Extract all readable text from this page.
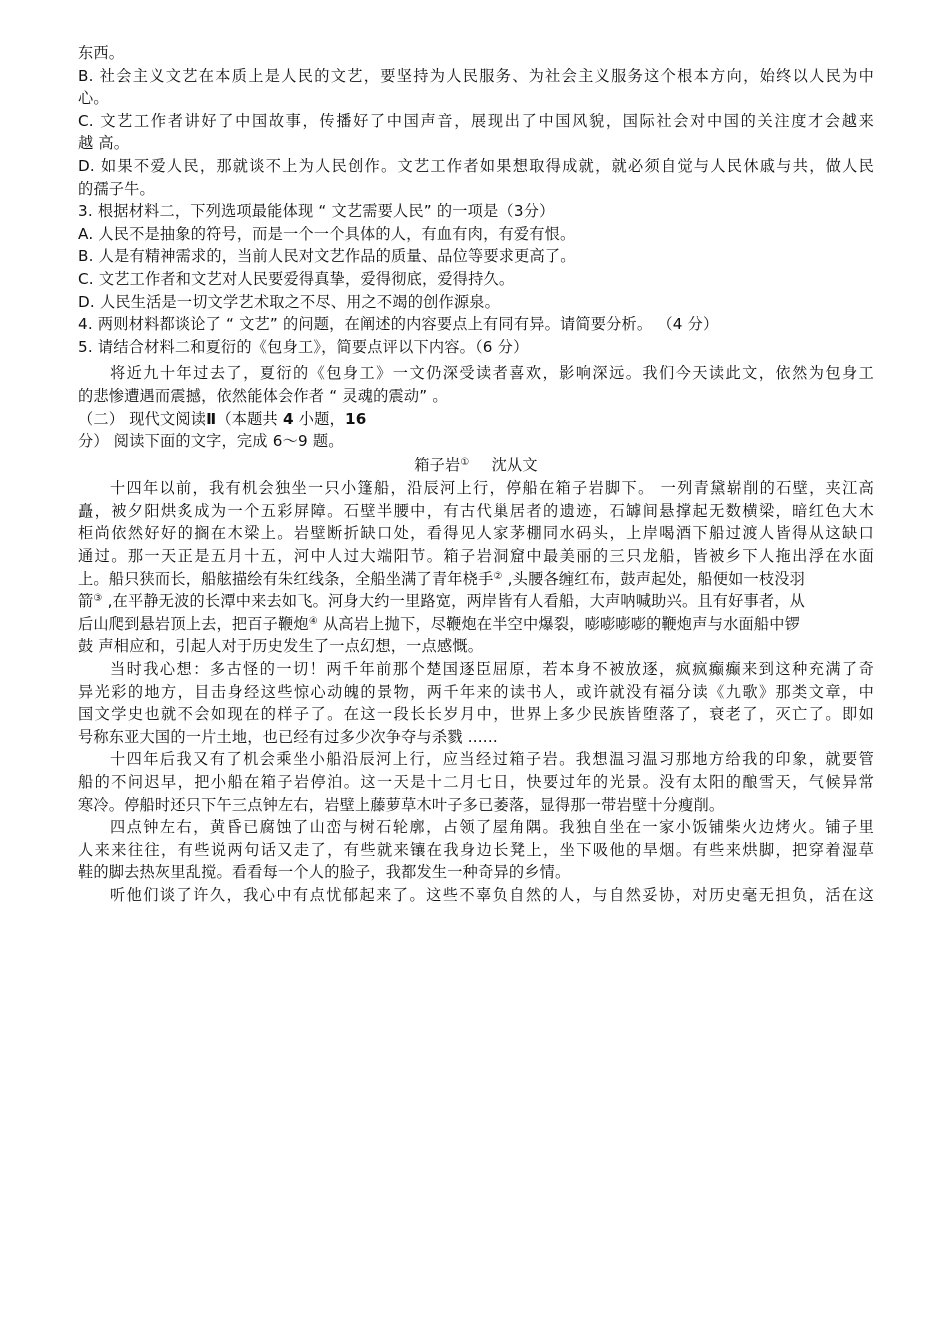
东西。
B. 社会主义文艺在本质上是人民的文艺，要坚持为人民服务、为社会主义服务这个根本方向，始终以人民为中
心。
C. 文艺工作者讲好了中国故事，传播好了中国声音，展现出了中国风貌，国际社会对中国的关注度才会越来
越 高。
D. 如果不爱人民，那就谈不上为人民创作。文艺工作者如果想取得成就，就必须自觉与人民休戚与共，做人民
的孺子牛。
3. 根据材料二，下列选项最能体现 “ 文艺需要人民” 的一项是（3分）
A. 人民不是抽象的符号，而是一个一个具体的人，有血有肉，有爱有恨。
B. 人是有精神需求的，当前人民对文艺作品的质量、品位等要求更高了。
C. 文艺工作者和文艺对人民要爱得真挚，爱得彻底，爱得持久。
D. 人民生活是一切文学艺术取之不尽、用之不竭的创作源泉。
4. 两则材料都谈论了 “ 文艺” 的问题，在阐述的内容要点上有同有异。请简要分析。 （4 分）
5. 请结合材料二和夏衍的《包身工》，简要点评以下内容。（6 分）
将近九十年过去了，夏衍的《包身工》一文仍深受读者喜欢，影响深远。我们今天读此文，依然为包身工
的悲惨遭遇而震撼，依然能体会作者 “ 灵魂的震动” 。
（二） 现代文阅读Ⅱ（本题共 4 小题，16
分） 阅读下面的文字，完成 6～9 题。
箱子岩① 沈从文
十四年以前，我有机会独坐一只小篷船，沿辰河上行，停船在箱子岩脚下。 一列青黛崭削的石壁，夹江高
矗，被夕阳烘炙成为一个五彩屏障。石壁半腰中，有古代巢居者的遗迹，石罅间悬撑起无数横梁，暗红色大木
柜尚依然好好的搁在木梁上。岩壁断折缺口处，看得见人家茅棚同水码头，上岸喝酒下船过渡人皆得从这缺口
通过。那一天正是五月十五，河中人过大端阳节。箱子岩洞窟中最美丽的三只龙船，皆被乡下人拖出浮在水面
上。船只狭而长，船舷描绘有朱红线条，全船坐满了青年桡手② ,头腰各缠红布，鼓声起处，船便如一枝没羽
箭③ ,在平静无波的长潭中来去如飞。河身大约一里路宽，两岸皆有人看船，大声呐喊助兴。且有好事者，从
后山爬到悬岩顶上去，把百子鞭炮④ 从高岩上抛下，尽鞭炮在半空中爆裂，嘭嘭嘭嘭的鞭炮声与水面船中锣
鼓 声相应和，引起人对于历史发生了一点幻想，一点感慨。
当时我心想：多古怪的一切！两千年前那个楚国逐臣屈原，若本身不被放逐，疯疯癫癫来到这种充满了奇
异光彩的地方，目击身经这些惊心动魄的景物，两千年来的读书人，或许就没有福分读《九歌》那类文章，中
国文学史也就不会如现在的样子了。在这一段长长岁月中，世界上多少民族皆堕落了，衰老了，灭亡了。即如
号称东亚大国的一片土地，也已经有过多少次争夺与杀戮 ......
十四年后我又有了机会乘坐小船沿辰河上行，应当经过箱子岩。我想温习温习那地方给我的印象，就要管
船的不问迟早，把小船在箱子岩停泊。这一天是十二月七日，快要过年的光景。没有太阳的酿雪天，气候异常
寒冷。停船时还只下午三点钟左右，岩壁上藤萝草木叶子多已萎落，显得那一带岩壁十分瘦削。
四点钟左右，黄昏已腐蚀了山峦与树石轮廓，占领了屋角隅。我独自坐在一家小饭铺柴火边烤火。铺子里
人来来往往，有些说两句话又走了，有些就来镶在我身边长凳上，坐下吸他的旱烟。有些来烘脚，把穿着湿草
鞋的脚去热灰里乱搅。看看每一个人的脸子，我都发生一种奇异的乡情。
听他们谈了许久，我心中有点忧郁起来了。这些不辜负自然的人，与自然妥协，对历史毫无担负，活在这
